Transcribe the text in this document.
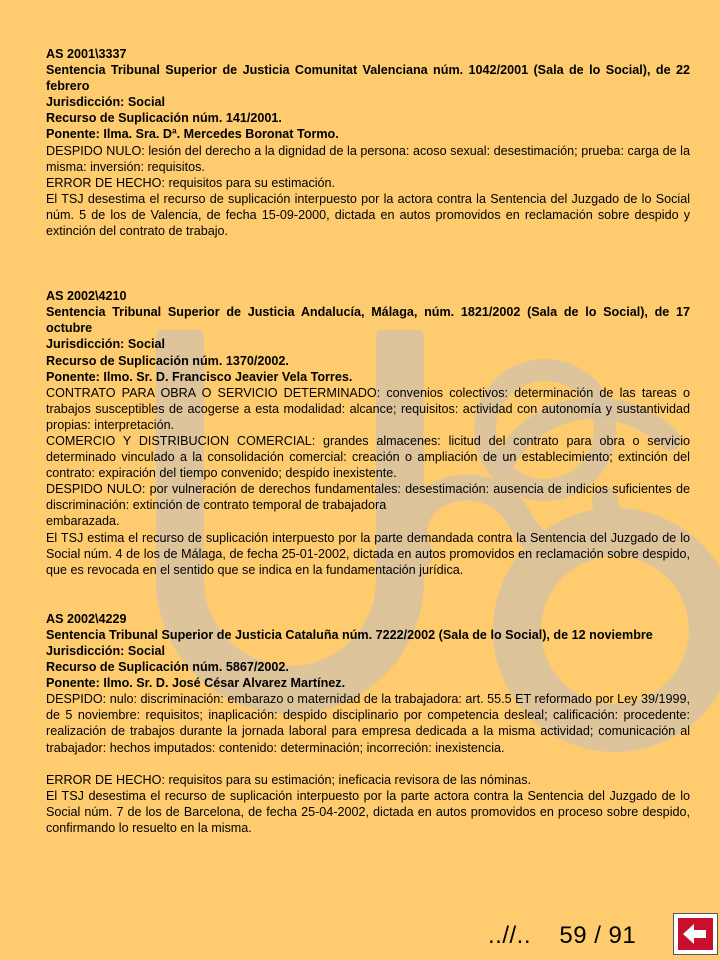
AS 2001\3337

Sentencia Tribunal Superior de Justicia Comunitat Valenciana núm. 1042/2001 (Sala de lo Social), de 22 febrero

Jurisdicción: Social

Recurso de Suplicación núm. 141/2001.

Ponente: Ilma. Sra. Dª. Mercedes Boronat Tormo.

DESPIDO NULO: lesión del derecho a la dignidad de la persona: acoso sexual: desestimación; prueba: carga de la misma: inversión: requisitos.

ERROR DE HECHO: requisitos para su estimación.

El TSJ desestima el recurso de suplicación interpuesto por la actora contra la Sentencia del Juzgado de lo Social núm. 5 de los de Valencia, de fecha 15-09-2000, dictada en autos promovidos en reclamación sobre despido y extinción del contrato de trabajo.

AS 2002\4210

Sentencia Tribunal Superior de Justicia Andalucía, Málaga, núm. 1821/2002 (Sala de lo Social), de 17 octubre

Jurisdicción: Social

Recurso de Suplicación núm. 1370/2002.

Ponente: Ilmo. Sr. D. Francisco Jeavier Vela Torres.

CONTRATO PARA OBRA O SERVICIO DETERMINADO: convenios colectivos: determinación de las tareas o trabajos susceptibles de acogerse a esta modalidad: alcance; requisitos: actividad con autonomía y sustantividad propias: interpretación.

COMERCIO Y DISTRIBUCION COMERCIAL: grandes almacenes: licitud del contrato para obra o servicio determinado vinculado a la consolidación comercial: creación o ampliación de un establecimiento; extinción del contrato: expiración del tiempo convenido; despido inexistente.

DESPIDO NULO: por vulneración de derechos fundamentales: desestimación: ausencia de indicios suficientes de discriminación: extinción de contrato temporal de trabajadora

embarazada.

El TSJ estima el recurso de suplicación interpuesto por la parte demandada contra la Sentencia del Juzgado de lo Social núm. 4 de los de Málaga, de fecha 25-01-2002, dictada en autos promovidos en reclamación sobre despido, que es revocada en el sentido que se indica en la fundamentación jurídica.

AS 2002\4229

Sentencia Tribunal Superior de Justicia Cataluña núm. 7222/2002 (Sala de lo Social), de 12 noviembre

Jurisdicción: Social

Recurso de Suplicación núm. 5867/2002.

Ponente: Ilmo. Sr. D. José César Alvarez Martínez.

DESPIDO: nulo: discriminación: embarazo o maternidad de la trabajadora: art. 55.5 ET reformado por Ley 39/1999, de 5 noviembre: requisitos; inaplicación: despido disciplinario por competencia desleal; calificación: procedente: realización de trabajos durante la jornada laboral para empresa dedicada a la misma actividad; comunicación al trabajador: hechos imputados: contenido: determinación; incorreción: inexistencia.

ERROR DE HECHO: requisitos para su estimación; ineficacia revisora de las nóminas.

El TSJ desestima el recurso de suplicación interpuesto por la parte actora contra la Sentencia del Juzgado de lo Social núm. 7 de los de Barcelona, de fecha 25-04-2002, dictada en autos promovidos en proceso sobre despido, confirmando lo resuelto en la misma.

..//.. 59 / 91
